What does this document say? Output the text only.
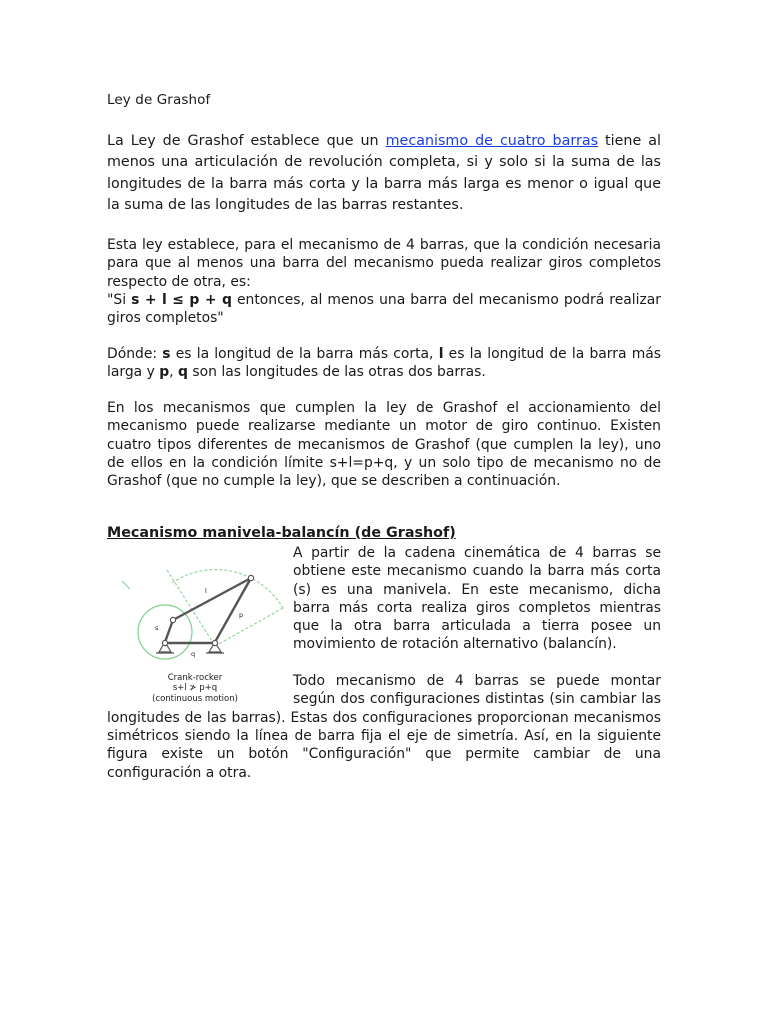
Ley de Grashof
La Ley de Grashof establece que un mecanismo de cuatro barras tiene al menos una articulación de revolución completa, si y solo si la suma de las longitudes de la barra más corta y la barra más larga es menor o igual que la suma de las longitudes de las barras restantes.
Esta ley establece, para el mecanismo de 4 barras, que la condición necesaria para que al menos una barra del mecanismo pueda realizar giros completos respecto de otra, es:
"Si s + l ≤ p + q entonces, al menos una barra del mecanismo podrá realizar giros completos"
Dónde: s es la longitud de la barra más corta, l es la longitud de la barra más larga y p, q son las longitudes de las otras dos barras.
En los mecanismos que cumplen la ley de Grashof el accionamiento del mecanismo puede realizarse mediante un motor de giro continuo. Existen cuatro tipos diferentes de mecanismos de Grashof (que cumplen la ley), uno de ellos en la condición límite s+l=p+q, y un solo tipo de mecanismo no de Grashof (que no cumple la ley), que se describen a continuación.
Mecanismo manivela-balancín (de Grashof)
s
l
p
q
Crank-rocker
s+l ≯ p+q
(continuous motion)
A partir de la cadena cinemática de 4 barras se obtiene este mecanismo cuando la barra más corta (s) es una manivela. En este mecanismo, dicha barra más corta realiza giros completos mientras que la otra barra articulada a tierra posee un movimiento de rotación alternativo (balancín).
Todo mecanismo de 4 barras se puede montar según dos configuraciones distintas (sin cambiar las longitudes de las barras). Estas dos configuraciones proporcionan mecanismos simétricos siendo la línea de barra fija el eje de simetría. Así, en la siguiente figura existe un botón "Configuración" que permite cambiar de una configuración a otra.
